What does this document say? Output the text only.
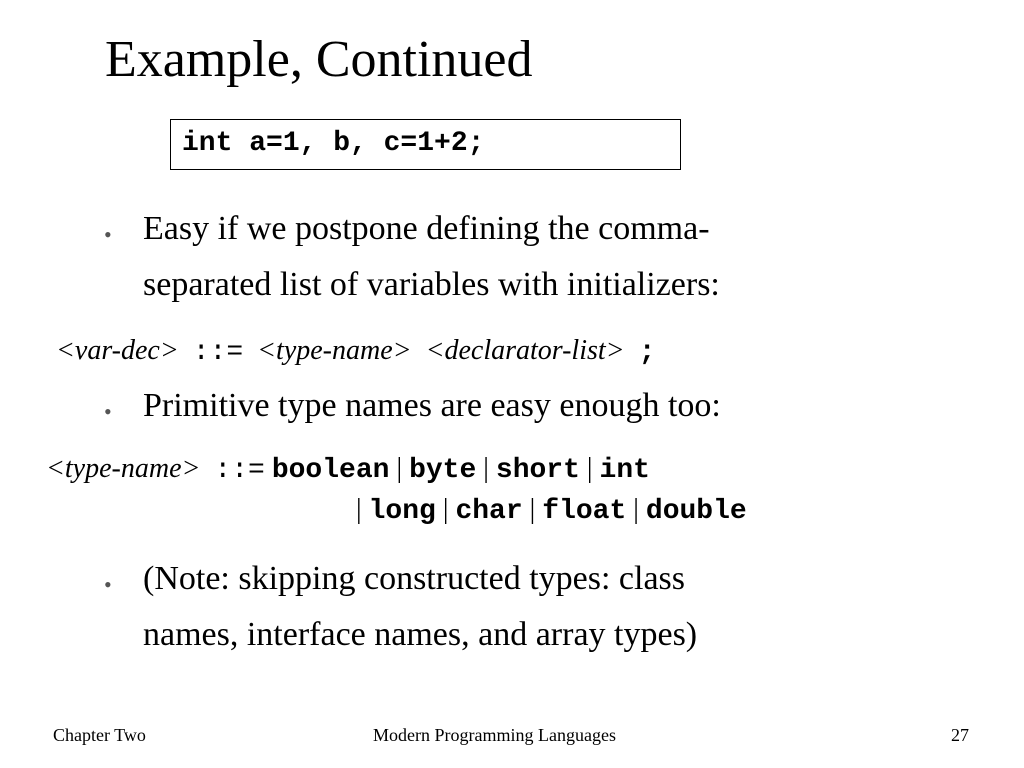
Example, Continued
int a=1, b, c=1+2;
• Easy if we postpone defining the comma-
separated list of variables with initializers:
<var-dec> ::= <type-name> <declarator-list> ;
• Primitive type names are easy enough too:
<type-name> ::= boolean | byte | short | int
| long | char | float | double
• (Note: skipping constructed types: class
names, interface names, and array types)
Chapter Two	Modern Programming Languages	27
